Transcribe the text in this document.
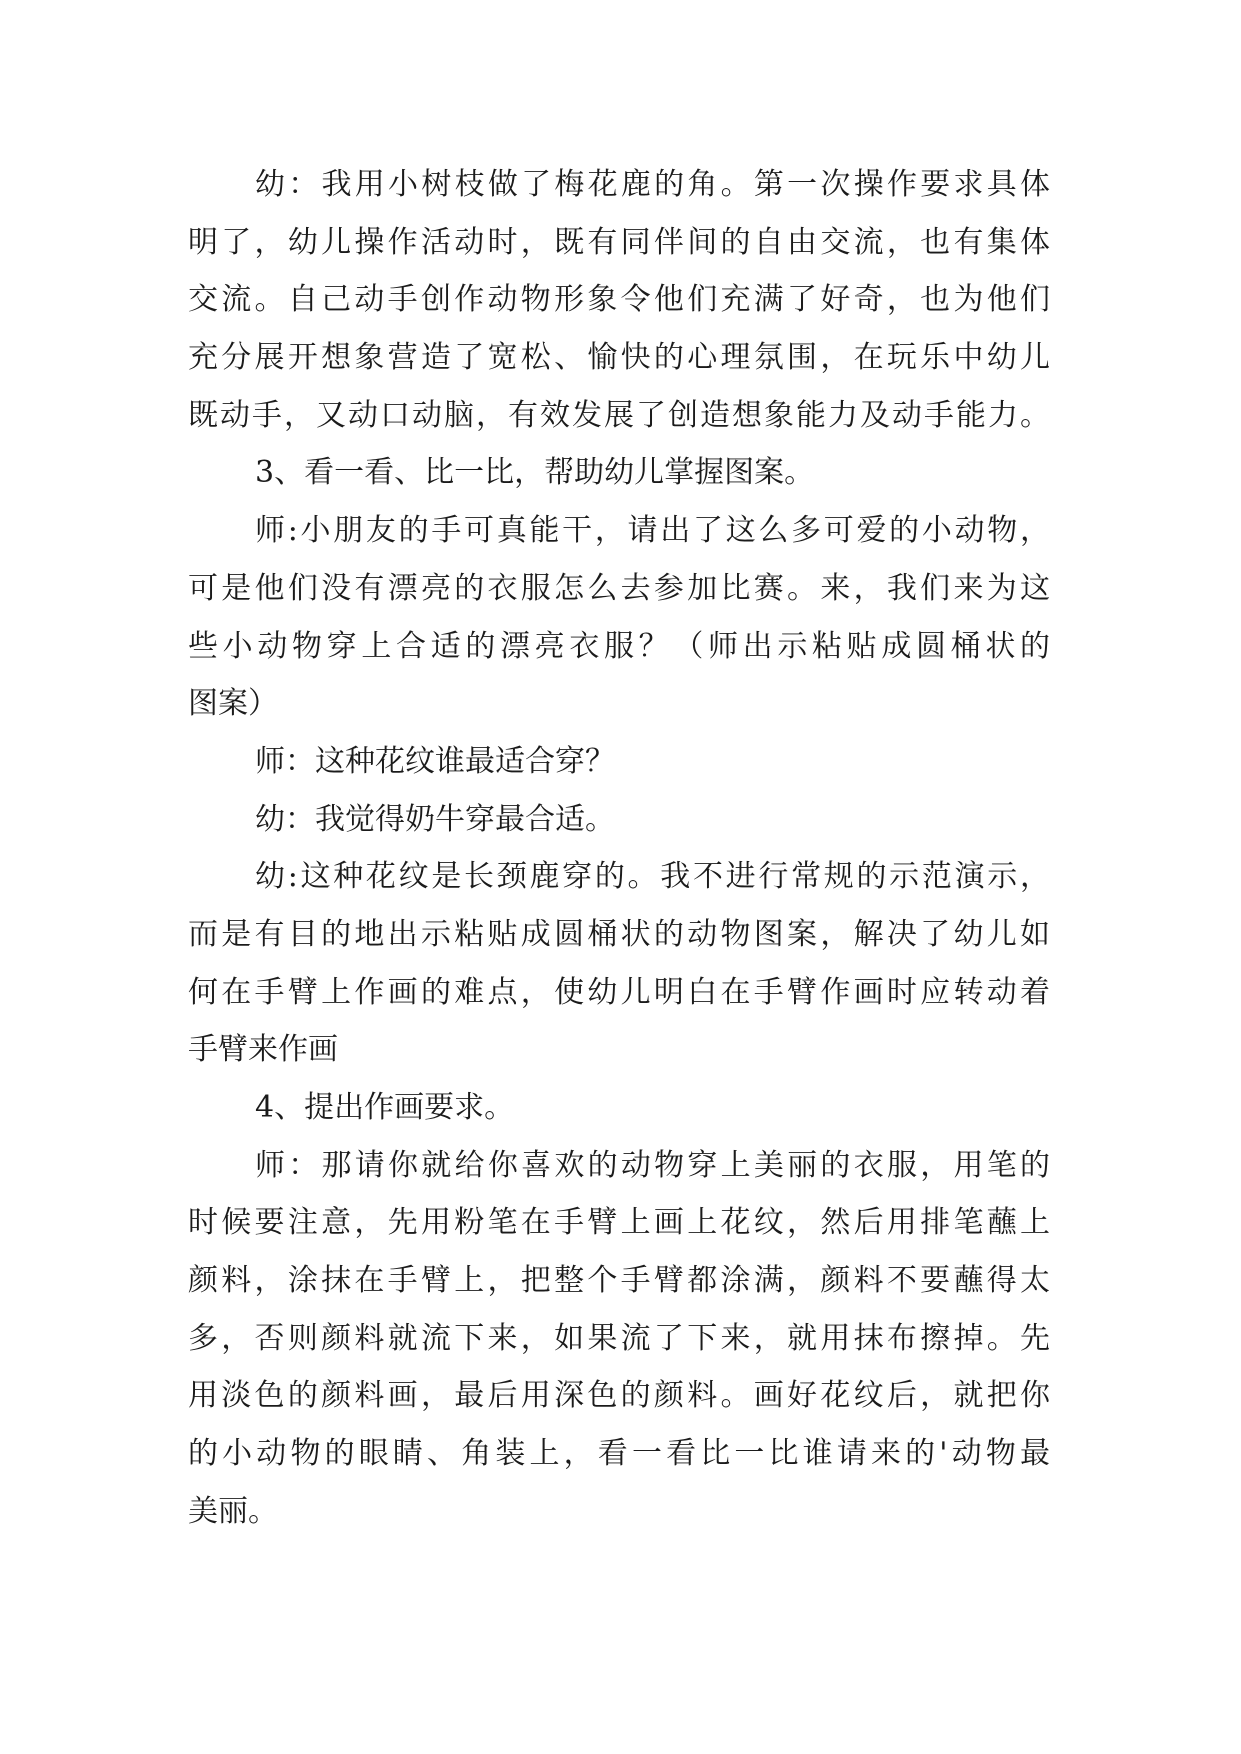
幼：我用小树枝做了梅花鹿的角。第一次操作要求具体
明了，幼儿操作活动时，既有同伴间的自由交流，也有集体
交流。自己动手创作动物形象令他们充满了好奇，也为他们
充分展开想象营造了宽松、愉快的心理氛围，在玩乐中幼儿
既动手，又动口动脑，有效发展了创造想象能力及动手能力。
3、看一看、比一比，帮助幼儿掌握图案。
师:小朋友的手可真能干，请出了这么多可爱的小动物，
可是他们没有漂亮的衣服怎么去参加比赛。来，我们来为这
些小动物穿上合适的漂亮衣服？（师出示粘贴成圆桶状的
图案）
师：这种花纹谁最适合穿？
幼：我觉得奶牛穿最合适。
幼:这种花纹是长颈鹿穿的。我不进行常规的示范演示，
而是有目的地出示粘贴成圆桶状的动物图案，解决了幼儿如
何在手臂上作画的难点，使幼儿明白在手臂作画时应转动着
手臂来作画
4、提出作画要求。
师：那请你就给你喜欢的动物穿上美丽的衣服，用笔的
时候要注意，先用粉笔在手臂上画上花纹，然后用排笔蘸上
颜料，涂抹在手臂上，把整个手臂都涂满，颜料不要蘸得太
多，否则颜料就流下来，如果流了下来，就用抹布擦掉。先
用淡色的颜料画，最后用深色的颜料。画好花纹后，就把你
的小动物的眼睛、角装上，看一看比一比谁请来的'动物最
美丽。
